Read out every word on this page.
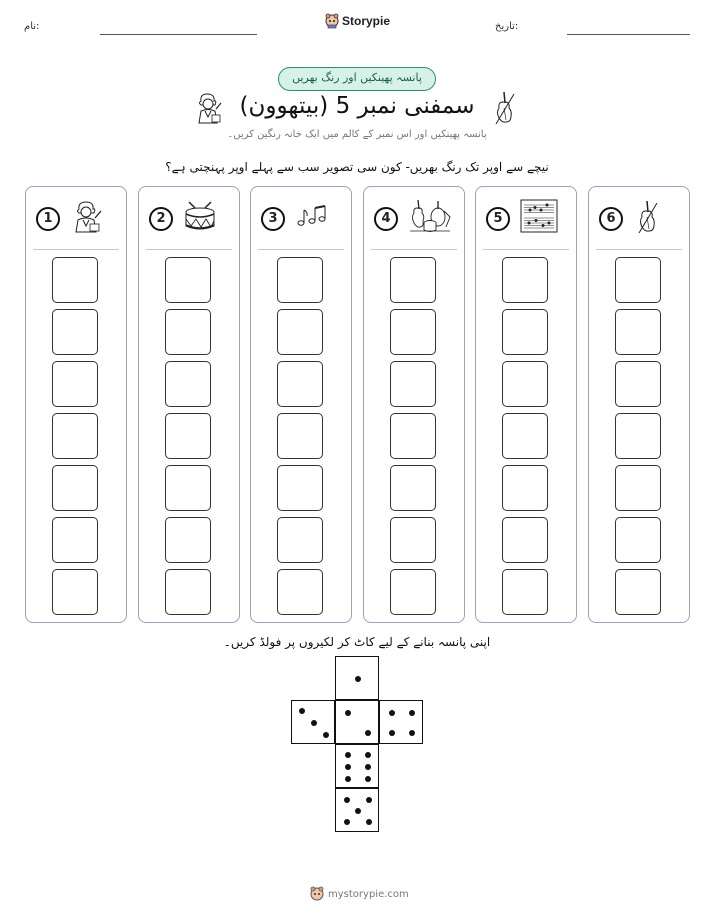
نام:	Storypie	تاریخ:
پانسہ پھینکیں اور رنگ بھریں
سمفنی نمبر 5 (بیتھوون)
پانسہ پھینکیں اور اس نمبر کے کالم میں ایک خانہ رنگین کریں۔
نیچے سے اوپر تک رنگ بھریں- کون سی تصویر سب سے پہلے اوپر پہنچتی ہے؟
1	2	3	4	5	6
اپنی پانسہ بنانے کے لیے کاٹ کر لکیروں پر فولڈ کریں۔
mystorypie.com
